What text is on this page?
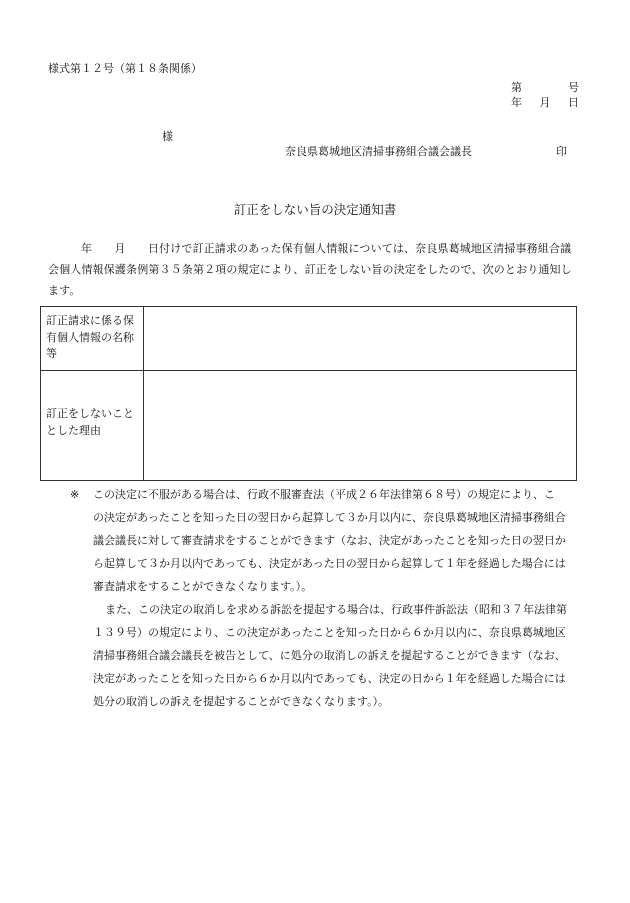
様式第１２号（第１８条関係）
第	号
年 月 日
様
奈良県葛城地区清掃事務組合議会議長	印
訂正をしない旨の決定通知書
年　　月　　日付けで訂正請求のあった保有個人情報については、奈良県葛城地区清掃事務組合議会個人情報保護条例第３５条第２項の規定により、訂正をしない旨の決定をしたので、次のとおり通知します。
訂正請求に係る保有個人情報の名称等	
訂正をしないこととした理由	
※ この決定に不服がある場合は、行政不服審査法（平成２６年法律第６８号）の規定により、こ
の決定があったことを知った日の翌日から起算して３か月以内に、奈良県葛城地区清掃事務組合
議会議長に対して審査請求をすることができます（なお、決定があったことを知った日の翌日か
ら起算して３か月以内であっても、決定があった日の翌日から起算して１年を経過した場合には
審査請求をすることができなくなります。）。
また、この決定の取消しを求める訴訟を提起する場合は、行政事件訴訟法（昭和３７年法律第
１３９号）の規定により、この決定があったことを知った日から６か月以内に、奈良県葛城地区
清掃事務組合議会議長を被告として、に処分の取消しの訴えを提起することができます（なお、
決定があったことを知った日から６か月以内であっても、決定の日から１年を経過した場合には
処分の取消しの訴えを提起することができなくなります。）。
